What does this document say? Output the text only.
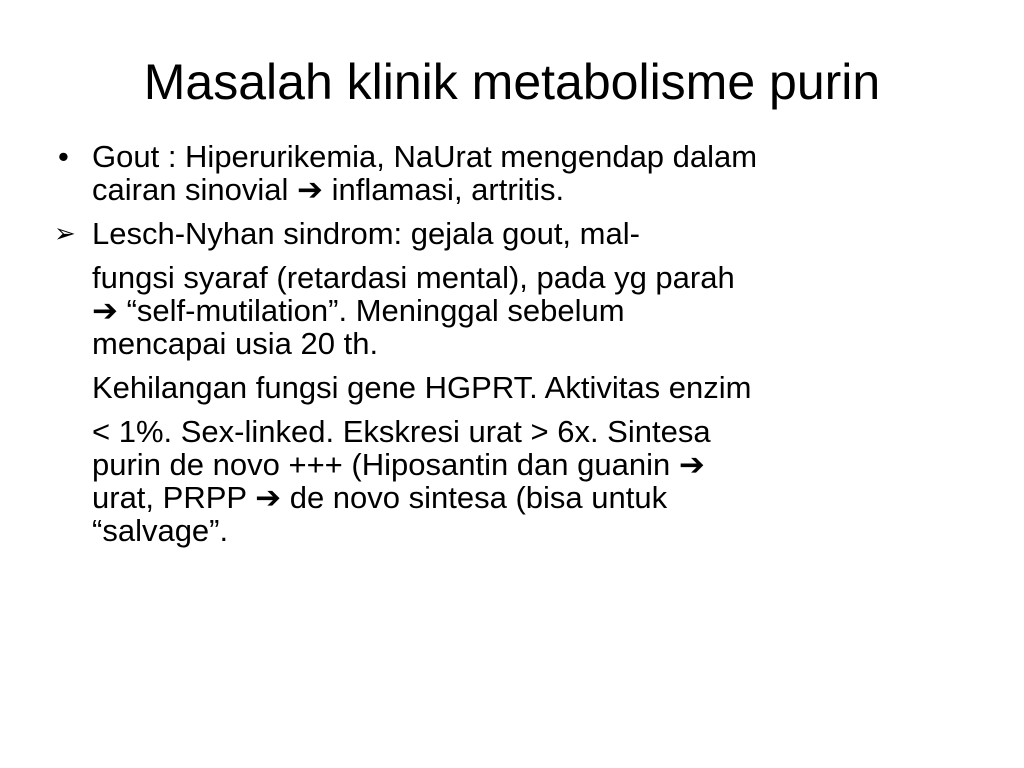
Masalah klinik metabolisme purin
• Gout : Hiperurikemia, NaUrat mengendap dalam
cairan sinovial ➔ inflamasi, artritis.
➢ Lesch-Nyhan sindrom: gejala gout, mal-
fungsi syaraf (retardasi mental), pada yg parah
➔ “self-mutilation”. Meninggal sebelum
mencapai usia 20 th.
Kehilangan fungsi gene HGPRT. Aktivitas enzim
< 1%. Sex-linked. Ekskresi urat > 6x. Sintesa
purin de novo +++ (Hiposantin dan guanin ➔
urat, PRPP ➔ de novo sintesa (bisa untuk
“salvage”.
